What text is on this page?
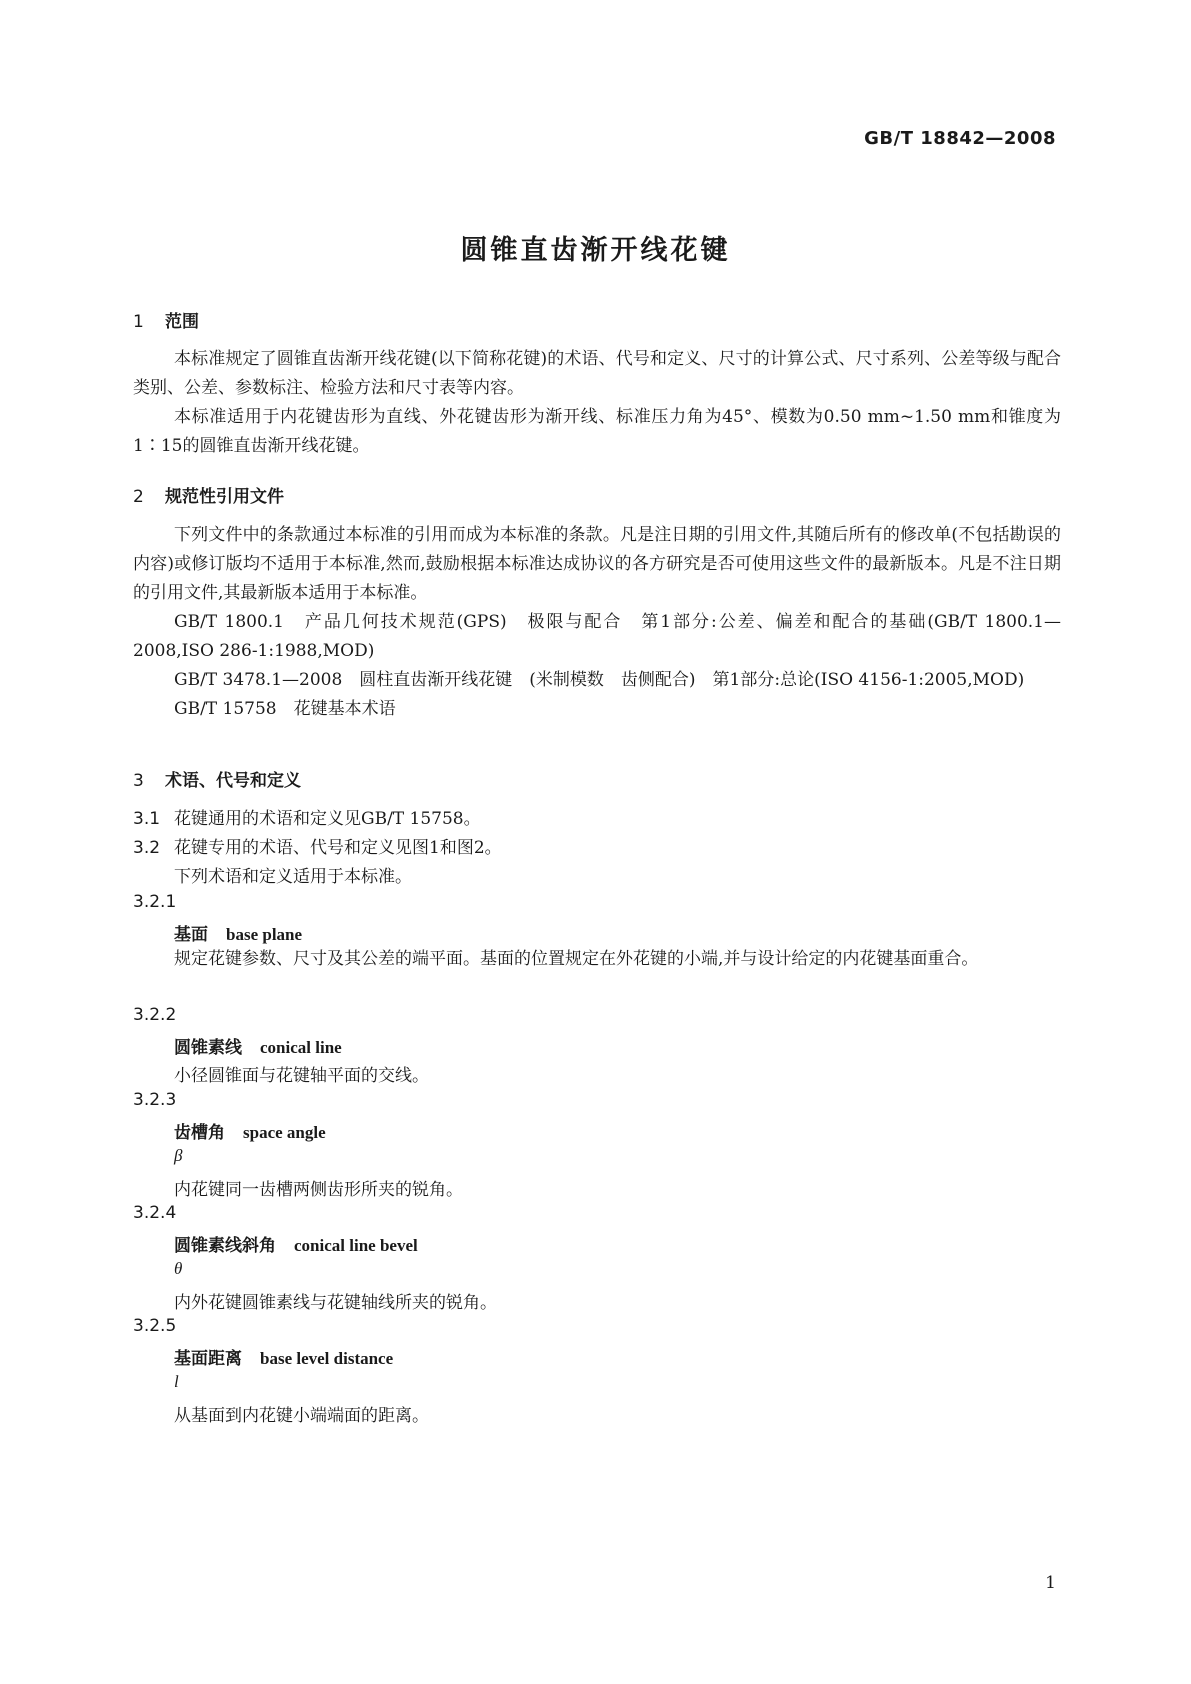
GB/T 18842—2008
圆锥直齿渐开线花键
1 范围

本标准规定了圆锥直齿渐开线花键(以下简称花键)的术语、代号和定义、尺寸的计算公式、尺寸系列、公差等级与配合类别、公差、参数标注、检验方法和尺寸表等内容。

本标准适用于内花键齿形为直线、外花键齿形为渐开线、标准压力角为45°、模数为0.50 mm~1.50 mm和锥度为1∶15的圆锥直齿渐开线花键。

2 规范性引用文件

下列文件中的条款通过本标准的引用而成为本标准的条款。凡是注日期的引用文件,其随后所有的修改单(不包括勘误的内容)或修订版均不适用于本标准,然而,鼓励根据本标准达成协议的各方研究是否可使用这些文件的最新版本。凡是不注日期的引用文件,其最新版本适用于本标准。

GB/T 1800.1　产品几何技术规范(GPS)　极限与配合　第1部分:公差、偏差和配合的基础(GB/T 1800.1—2008,ISO 286-1:1988,MOD)

GB/T 3478.1—2008　圆柱直齿渐开线花键　(米制模数　齿侧配合)　第1部分:总论(ISO 4156-1:2005,MOD)

GB/T 15758　花键基本术语

3 术语、代号和定义
3.1 花键通用的术语和定义见GB/T 15758。
3.2 花键专用的术语、代号和定义见图1和图2。
下列术语和定义适用于本标准。
3.2.1
基面 base plane

规定花键参数、尺寸及其公差的端平面。基面的位置规定在外花键的小端,并与设计给定的内花键基面重合。

3.2.2
圆锥素线 conical line
小径圆锥面与花键轴平面的交线。
3.2.3
齿槽角 space angle
β
内花键同一齿槽两侧齿形所夹的锐角。
3.2.4
圆锥素线斜角 conical line bevel
θ
内外花键圆锥素线与花键轴线所夹的锐角。
3.2.5
基面距离 base level distance
l
从基面到内花键小端端面的距离。
1
